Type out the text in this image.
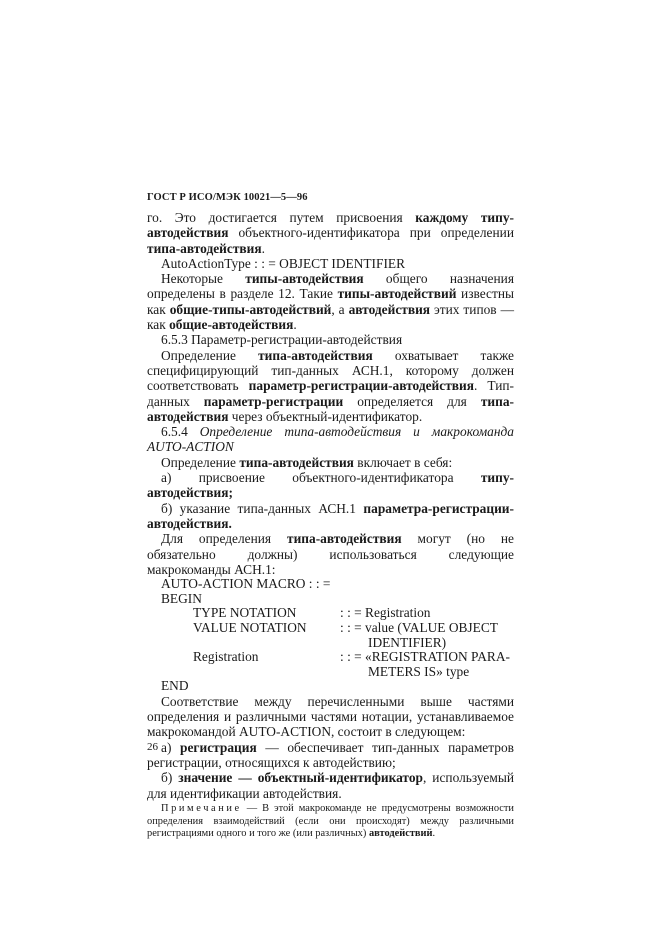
ГОСТ Р ИСО/МЭК 10021—5—96

го. Это достигается путем присвоения каждому типу-автодействия объектного-идентификатора при определении типа-автодействия.

AutoActionType : : = OBJECT IDENTIFIER

Некоторые типы-автодействия общего назначения определены в разделе 12. Такие типы-автодействий известны как общие-типы-автодействий, а автодействия этих типов — как общие-автодействия.

6.5.3 Параметр-регистрации-автодействия

Определение типа-автодействия охватывает также специфицирующий тип-данных АСН.1, которому должен соответствовать параметр-регистрации-автодействия. Тип-данных параметр-регистрации определяется для типа-автодействия через объектный-идентификатор.

6.5.4 Определение типа-автодействия и макрокоманда AUTO-ACTION

Определение типа-автодействия включает в себя:

а) присвоение объектного-идентификатора типу-автодействия;

б) указание типа-данных АСН.1 параметра-регистрации-автодействия.

Для определения типа-автодействия могут (но не обязательно должны) использоваться следующие макрокоманды АСН.1:

AUTO-ACTION MACRO : : =
BEGIN
TYPE NOTATION	: : = Registration
VALUE NOTATION	: : = value (VALUE OBJECT
IDENTIFIER)
Registration	: : = «REGISTRATION PARA-
METERS IS» type
END

Соответствие между перечисленными выше частями определения и различными частями нотации, устанавливаемое макрокомандой AUTO-ACTION, состоит в следующем:

а) регистрация — обеспечивает тип-данных параметров регистрации, относящихся к автодействию;

б) значение — объектный-идентификатор, используемый для идентификации автодействия.

Примечание — В этой макрокоманде не предусмотрены возможности определения взаимодействий (если они происходят) между различными регистрациями одного и того же (или различных) автодействий.

26
